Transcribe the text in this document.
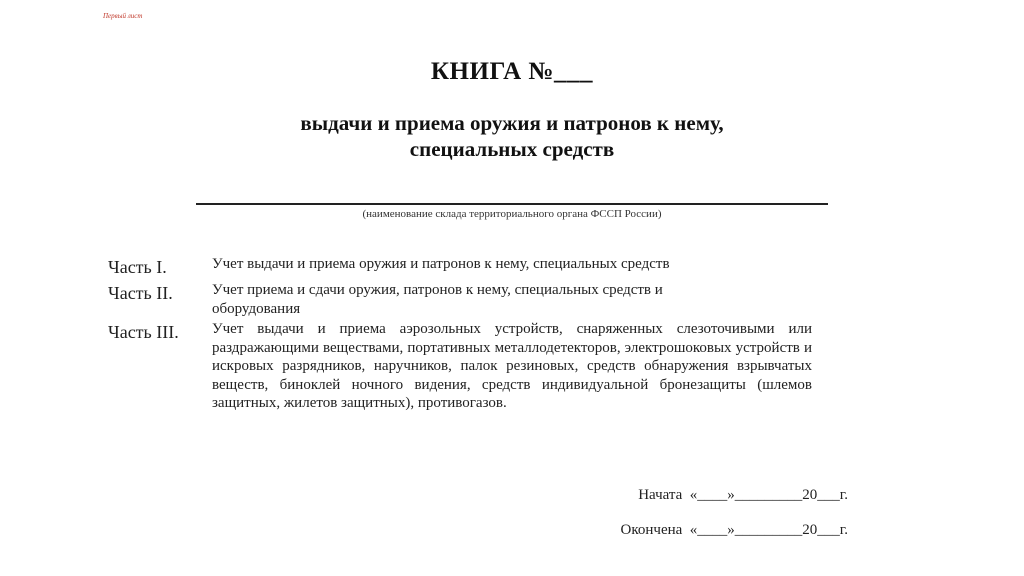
Первый лист
КНИГА №___
выдачи и приема оружия и патронов к нему,
специальных средств
(наименование склада территориального органа ФССП России)
Часть I.	Учет выдачи и приема оружия и патронов к нему, специальных средств
Часть II.	Учет приема и сдачи оружия, патронов к нему, специальных средств и оборудования
Часть III. Учет выдачи и приема аэрозольных устройств, снаряженных слезоточивыми или раздражающими веществами, портативных металлодетекторов, электрошоковых устройств и искровых разрядников, наручников, палок резиновых, средств обнаружения взрывчатых веществ, биноклей ночного видения, средств индивидуальной бронезащиты (шлемов защитных, жилетов защитных), противогазов.
Начата  «____»_________20___г.
Окончена  «____»_________20___г.
